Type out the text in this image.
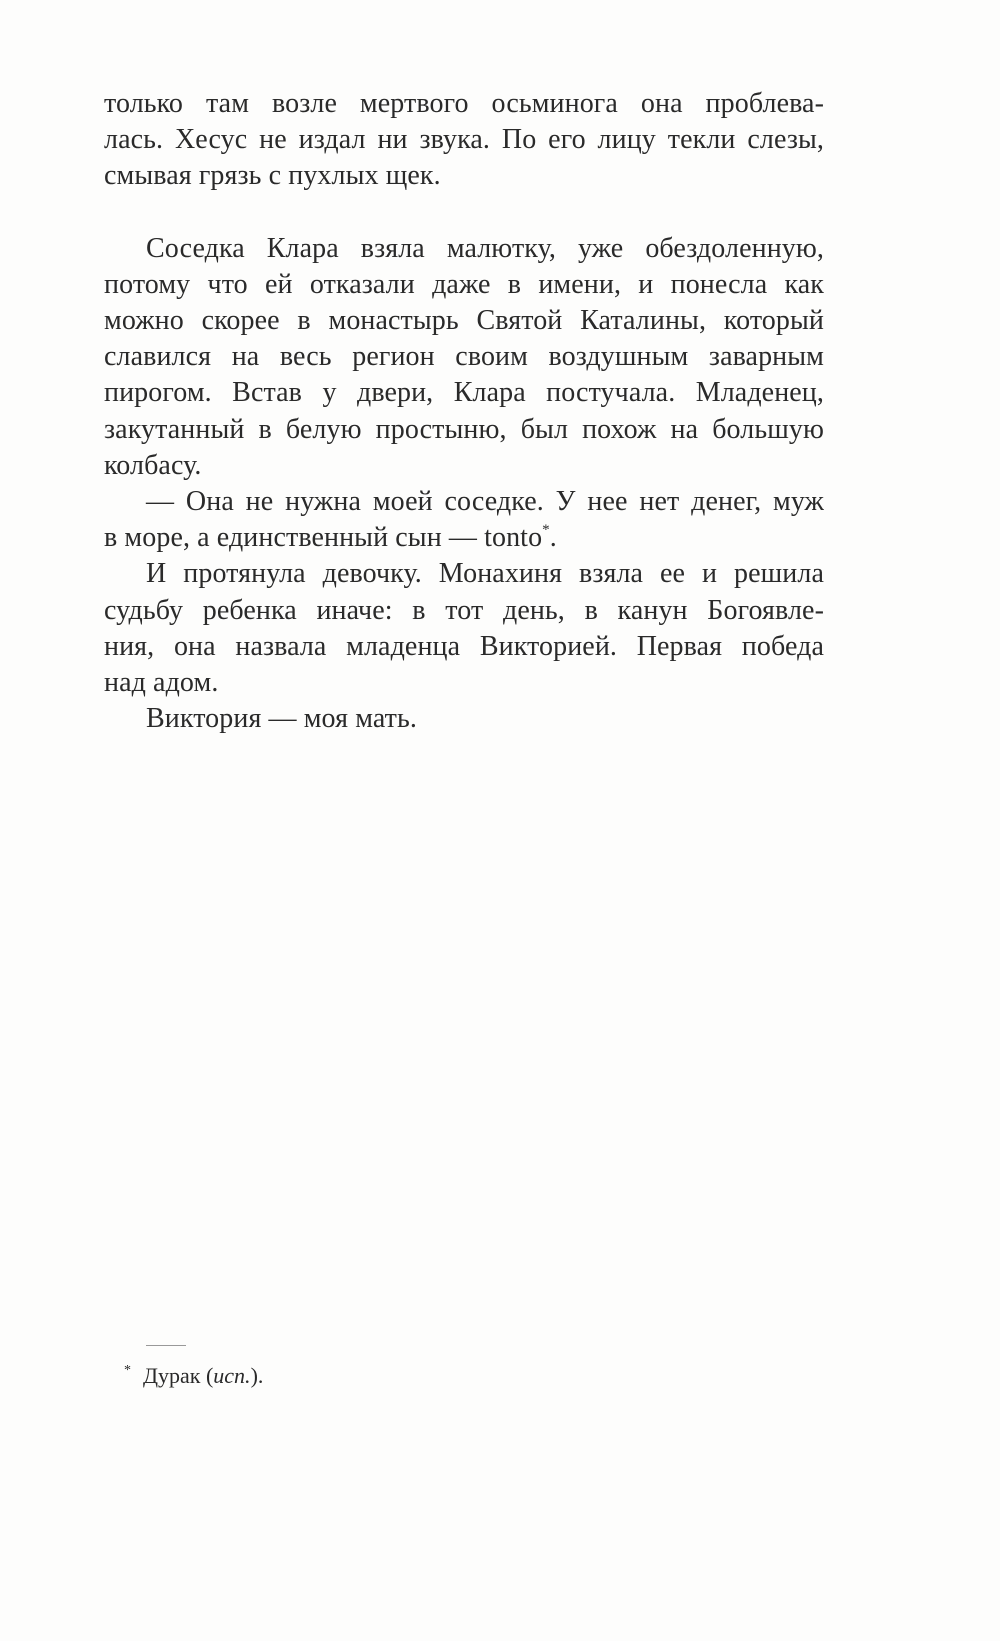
только там возле мертвого осьминога она проблева-
лась. Хесус не издал ни звука. По его лицу текли слезы,
смывая грязь с пухлых щек.
Соседка Клара взяла малютку, уже обездоленную,
потому что ей отказали даже в имени, и понесла как
можно скорее в монастырь Святой Каталины, который
славился на весь регион своим воздушным заварным
пирогом. Встав у двери, Клара постучала. Младенец,
закутанный в белую простыню, был похож на большую
колбасу.
— Она не нужна моей соседке. У нее нет денег, муж
в море, а единственный сын — tonto*.
И протянула девочку. Монахиня взяла ее и решила
судьбу ребенка иначе: в тот день, в канун Богоявле-
ния, она назвала младенца Викторией. Первая победа
над адом.
Виктория — моя мать.
* Дурак (исп.).
